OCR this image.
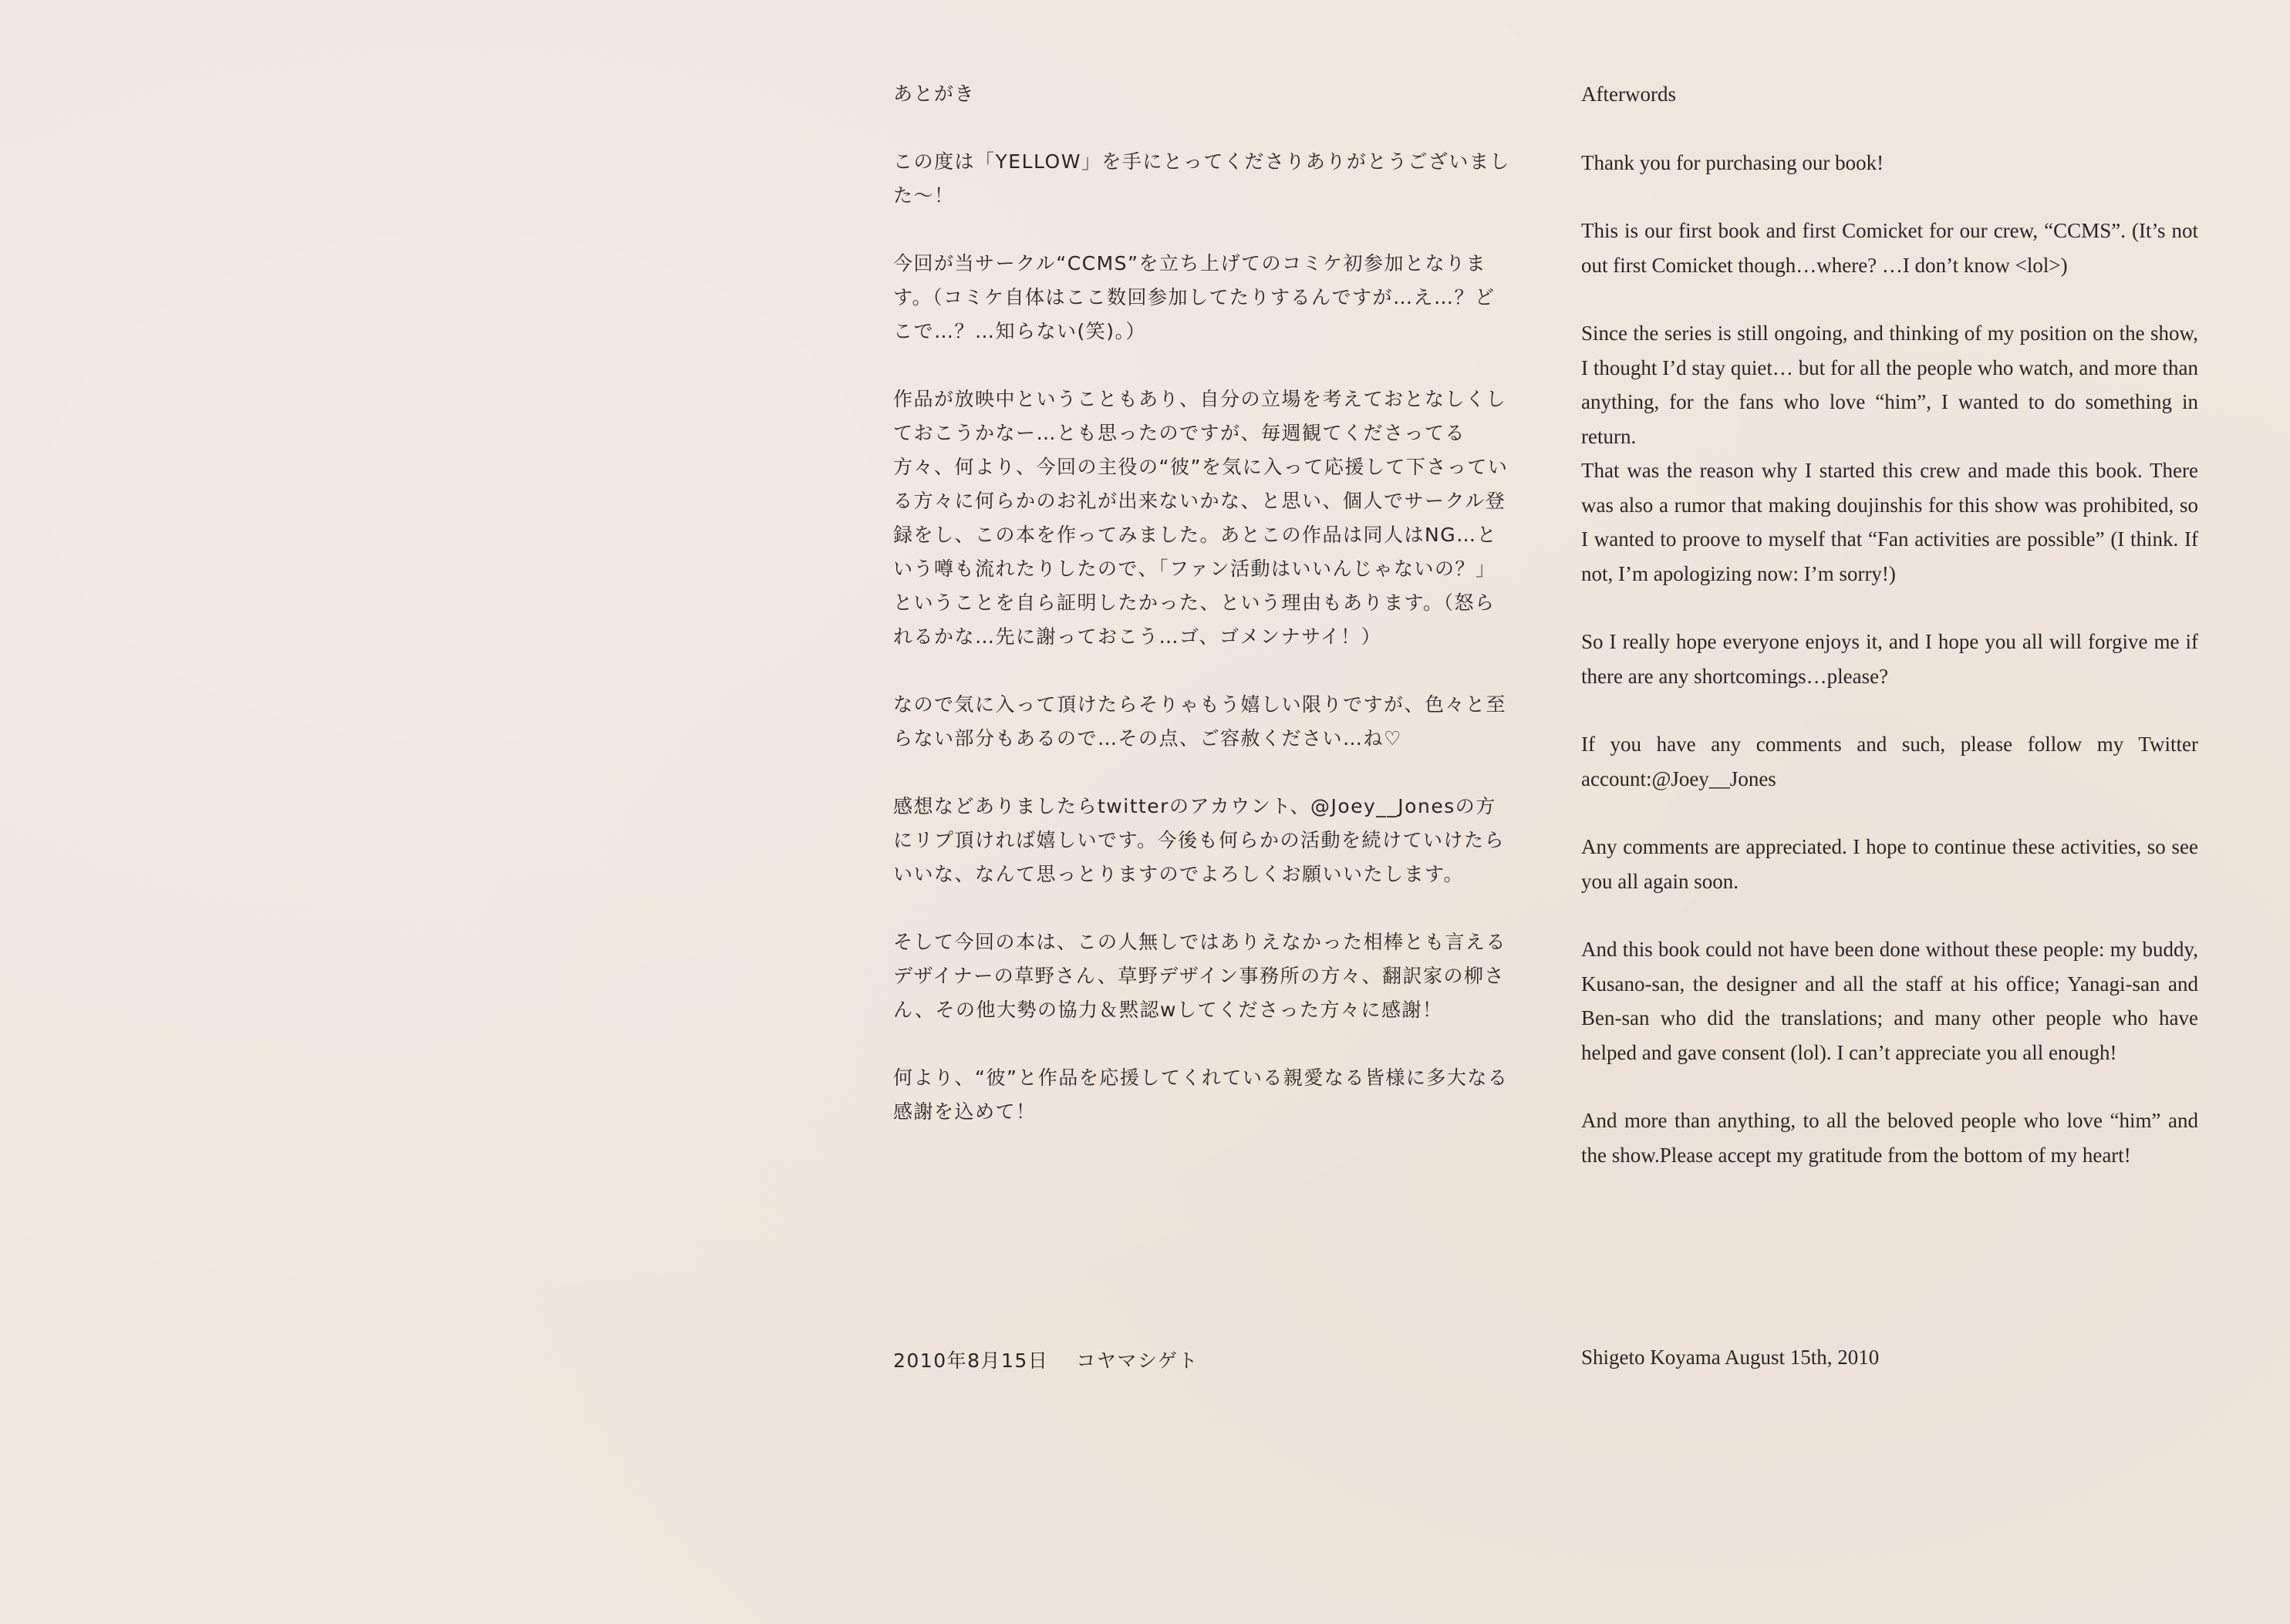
あとがき

この度は「YELLOW」を手にとってくださりありがとうございました～！

今回が当サークル“CCMS”を立ち上げてのコミケ初参加となります。（コミケ自体はここ数回参加してたりするんですが…え…？どこで…？…知らない(笑)。）

作品が放映中ということもあり、自分の立場を考えておとなしくしておこうかなー…とも思ったのですが、毎週観てくださってる方々、何より、今回の主役の“彼”を気に入って応援して下さっている方々に何らかのお礼が出来ないかな、と思い、個人でサークル登録をし、この本を作ってみました。あとこの作品は同人はNG…という噂も流れたりしたので、「ファン活動はいいんじゃないの？」ということを自ら証明したかった、という理由もあります。（怒られるかな…先に謝っておこう…ゴ、ゴメンナサイ！）

なので気に入って頂けたらそりゃもう嬉しい限りですが、色々と至らない部分もあるので…その点、ご容赦ください…ね♡

感想などありましたらtwitterのアカウント、@Joey__Jonesの方にリプ頂ければ嬉しいです。今後も何らかの活動を続けていけたらいいな、なんて思っとりますのでよろしくお願いいたします。

そして今回の本は、この人無しではありえなかった相棒とも言えるデザイナーの草野さん、草野デザイン事務所の方々、翻訳家の柳さん、その他大勢の協力＆黙認wしてくださった方々に感謝！

何より、“彼”と作品を応援してくれている親愛なる皆様に多大なる感謝を込めて！

2010年8月15日 コヤマシゲト
Afterwords

Thank you for purchasing our book!

This is our first book and first Comicket for our crew, “CCMS”. (It’s not out first Comicket though…where? …I don’t know <lol>)

Since the series is still ongoing, and thinking of my position on the show, I thought I’d stay quiet… but for all the people who watch, and more than anything, for the fans who love “him”, I wanted to do something in return.

That was the reason why I started this crew and made this book. There was also a rumor that making doujinshis for this show was prohibited, so I wanted to proove to myself that “Fan activities are possible” (I think. If not, I’m apologizing now: I’m sorry!)

So I really hope everyone enjoys it, and I hope you all will forgive me if there are any shortcomings…please?

If you have any comments and such, please follow my Twitter account:@Joey__Jones

Any comments are appreciated. I hope to continue these activities, so see you all again soon.

And this book could not have been done without these people: my buddy, Kusano-san, the designer and all the staff at his office; Yanagi-san and Ben-san who did the translations; and many other people who have helped and gave consent (lol). I can’t appreciate you all enough!

And more than anything, to all the beloved people who love “him” and the show.Please accept my gratitude from the bottom of my heart!

Shigeto Koyama August 15th, 2010
